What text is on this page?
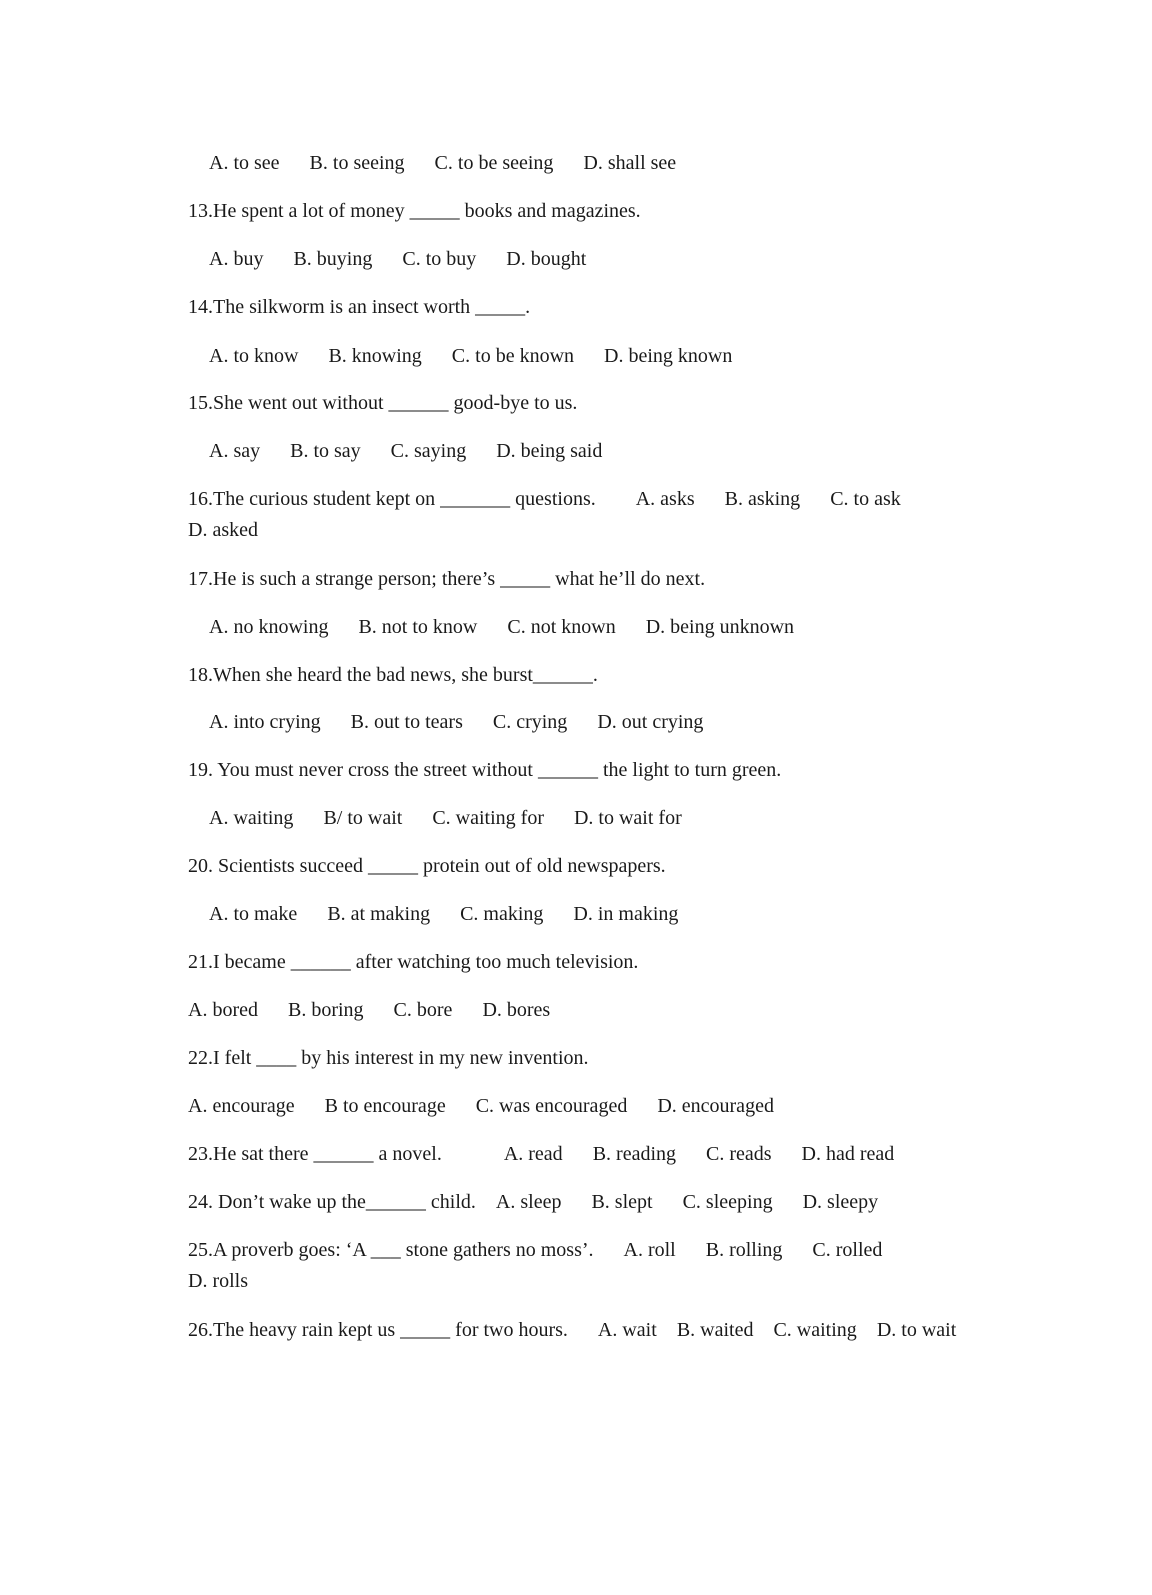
A. to see B. to seeing C. to be seeing D. shall see
13.He spent a lot of money _____ books and magazines.
A. buy B. buying C. to buy D. bought
14.The silkworm is an insect worth _____.
A. to know B. knowing C. to be known D. being known
15.She went out without ______ good-bye to us.
A. say B. to say C. saying D. being said
16.The curious student kept on _______ questions. A. asks B. asking C. to askD. asked
17.He is such a strange person; there’s _____ what he’ll do next.
A. no knowing B. not to know C. not known D. being unknown
18.When she heard the bad news, she burst______.
A. into crying B. out to tears C. crying D. out crying
19. You must never cross the street without ______ the light to turn green.
A. waiting B/ to wait C. waiting for D. to wait for
20. Scientists succeed _____ protein out of old newspapers.
A. to make B. at making C. making D. in making
21.I became ______ after watching too much television.
A. bored B. boring C. bore D. bores
22.I felt ____ by his interest in my new invention.
A. encourage B to encourage C. was encouraged D. encouraged
23.He sat there ______ a novel.	A. read B. reading C. reads D. had read
24. Don’t wake up the______ child. A. sleep B. slept C. sleeping D. sleepy
25.A proverb goes: ‘A ___ stone gathers no moss’. A. roll B. rolling C. rolledD. rolls
26.The heavy rain kept us _____ for two hours. A. wait B. waited C. waiting D. to wait
